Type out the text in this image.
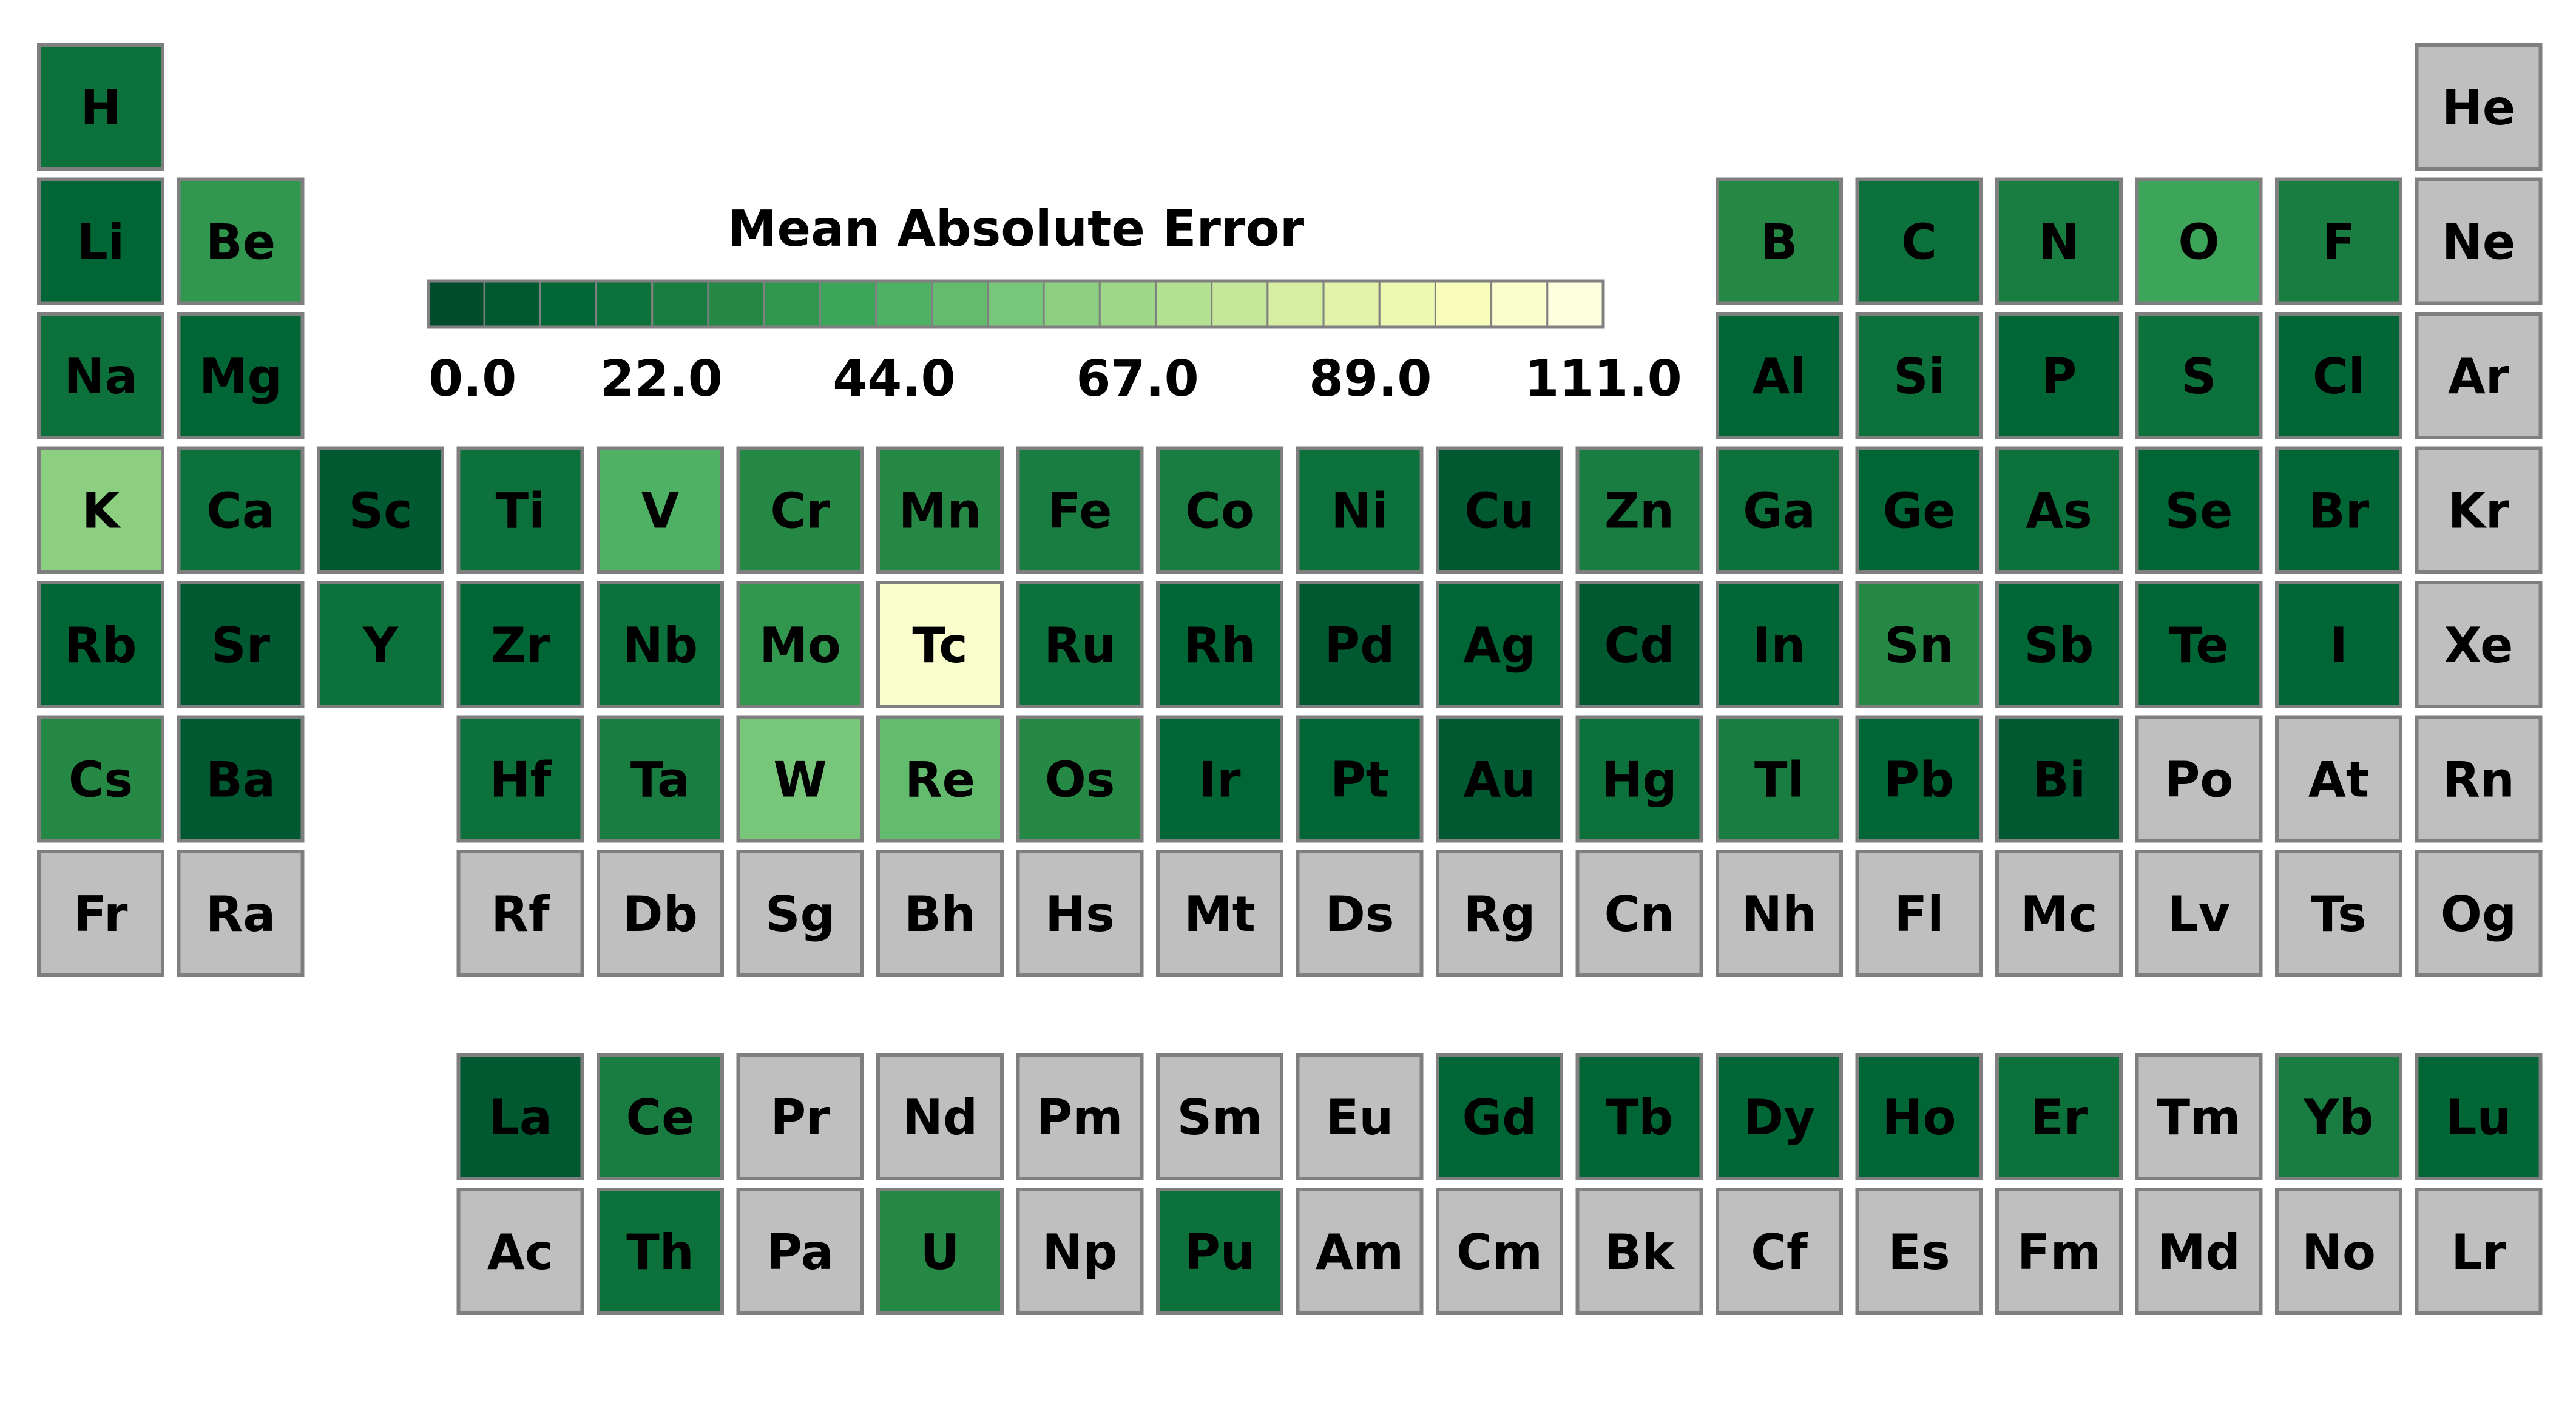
H	He
Li Be	B C N O F Ne
Na Mg	Al Si P S Cl Ar
K Ca Sc Ti V Cr Mn Fe Co Ni Cu Zn Ga Ge As Se Br Kr
Rb Sr Y Zr Nb Mo Tc Ru Rh Pd Ag Cd In Sn Sb Te I Xe
Cs Ba	Hf Ta W Re Os Ir Pt Au Hg Tl Pb Bi Po At Rn
Fr Ra	Rf Db Sg Bh Hs Mt Ds Rg Cn Nh Fl Mc Lv Ts Og
La Ce Pr Nd Pm Sm Eu Gd Tb Dy Ho Er Tm Yb Lu
Ac Th Pa U Np Pu Am Cm Bk Cf Es Fm Md No Lr
Mean Absolute Error
0.0 22.0 44.0 67.0 89.0 111.0
